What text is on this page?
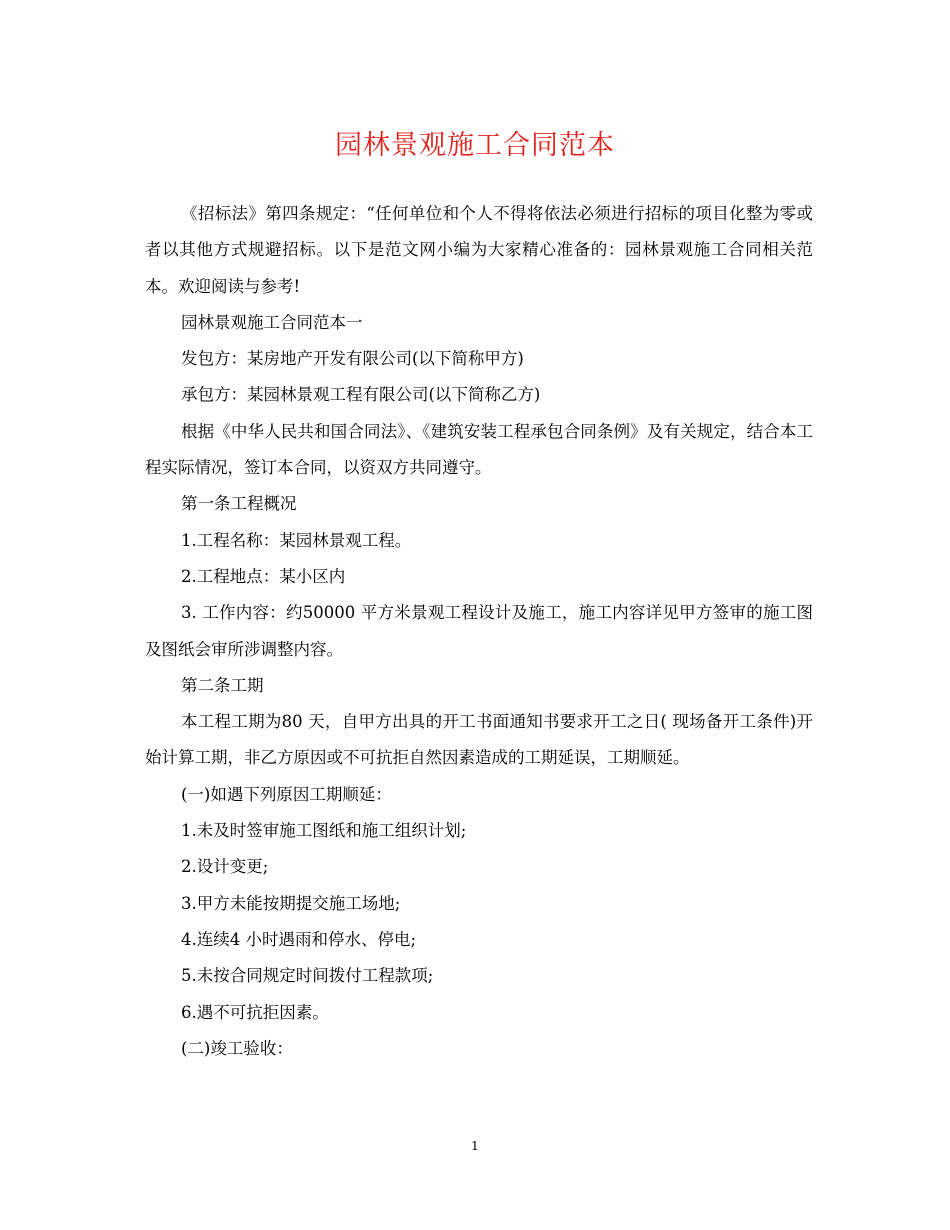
园林景观施工合同范本

《招标法》第四条规定：“任何单位和个人不得将依法必须进行招标的项目化整为零或者以其他方式规避招标。以下是范文网小编为大家精心准备的：园林景观施工合同相关范本。欢迎阅读与参考!

园林景观施工合同范本一

发包方：某房地产开发有限公司(以下简称甲方)

承包方：某园林景观工程有限公司(以下简称乙方)

根据《中华人民共和国合同法》、《建筑安装工程承包合同条例》及有关规定，结合本工程实际情况，签订本合同，以资双方共同遵守。

第一条工程概况

1.工程名称：某园林景观工程。

2.工程地点：某小区内

3. 工作内容：约50000 平方米景观工程设计及施工，施工内容详见甲方签审的施工图及图纸会审所涉调整内容。

第二条工期

本工程工期为80 天，自甲方出具的开工书面通知书要求开工之日( 现场备开工条件)开始计算工期，非乙方原因或不可抗拒自然因素造成的工期延误，工期顺延。

(一)如遇下列原因工期顺延：

1.未及时签审施工图纸和施工组织计划;

2.设计变更;

3.甲方未能按期提交施工场地;

4.连续4 小时遇雨和停水、停电;

5.未按合同规定时间拨付工程款项;

6.遇不可抗拒因素。

(二)竣工验收：

1
